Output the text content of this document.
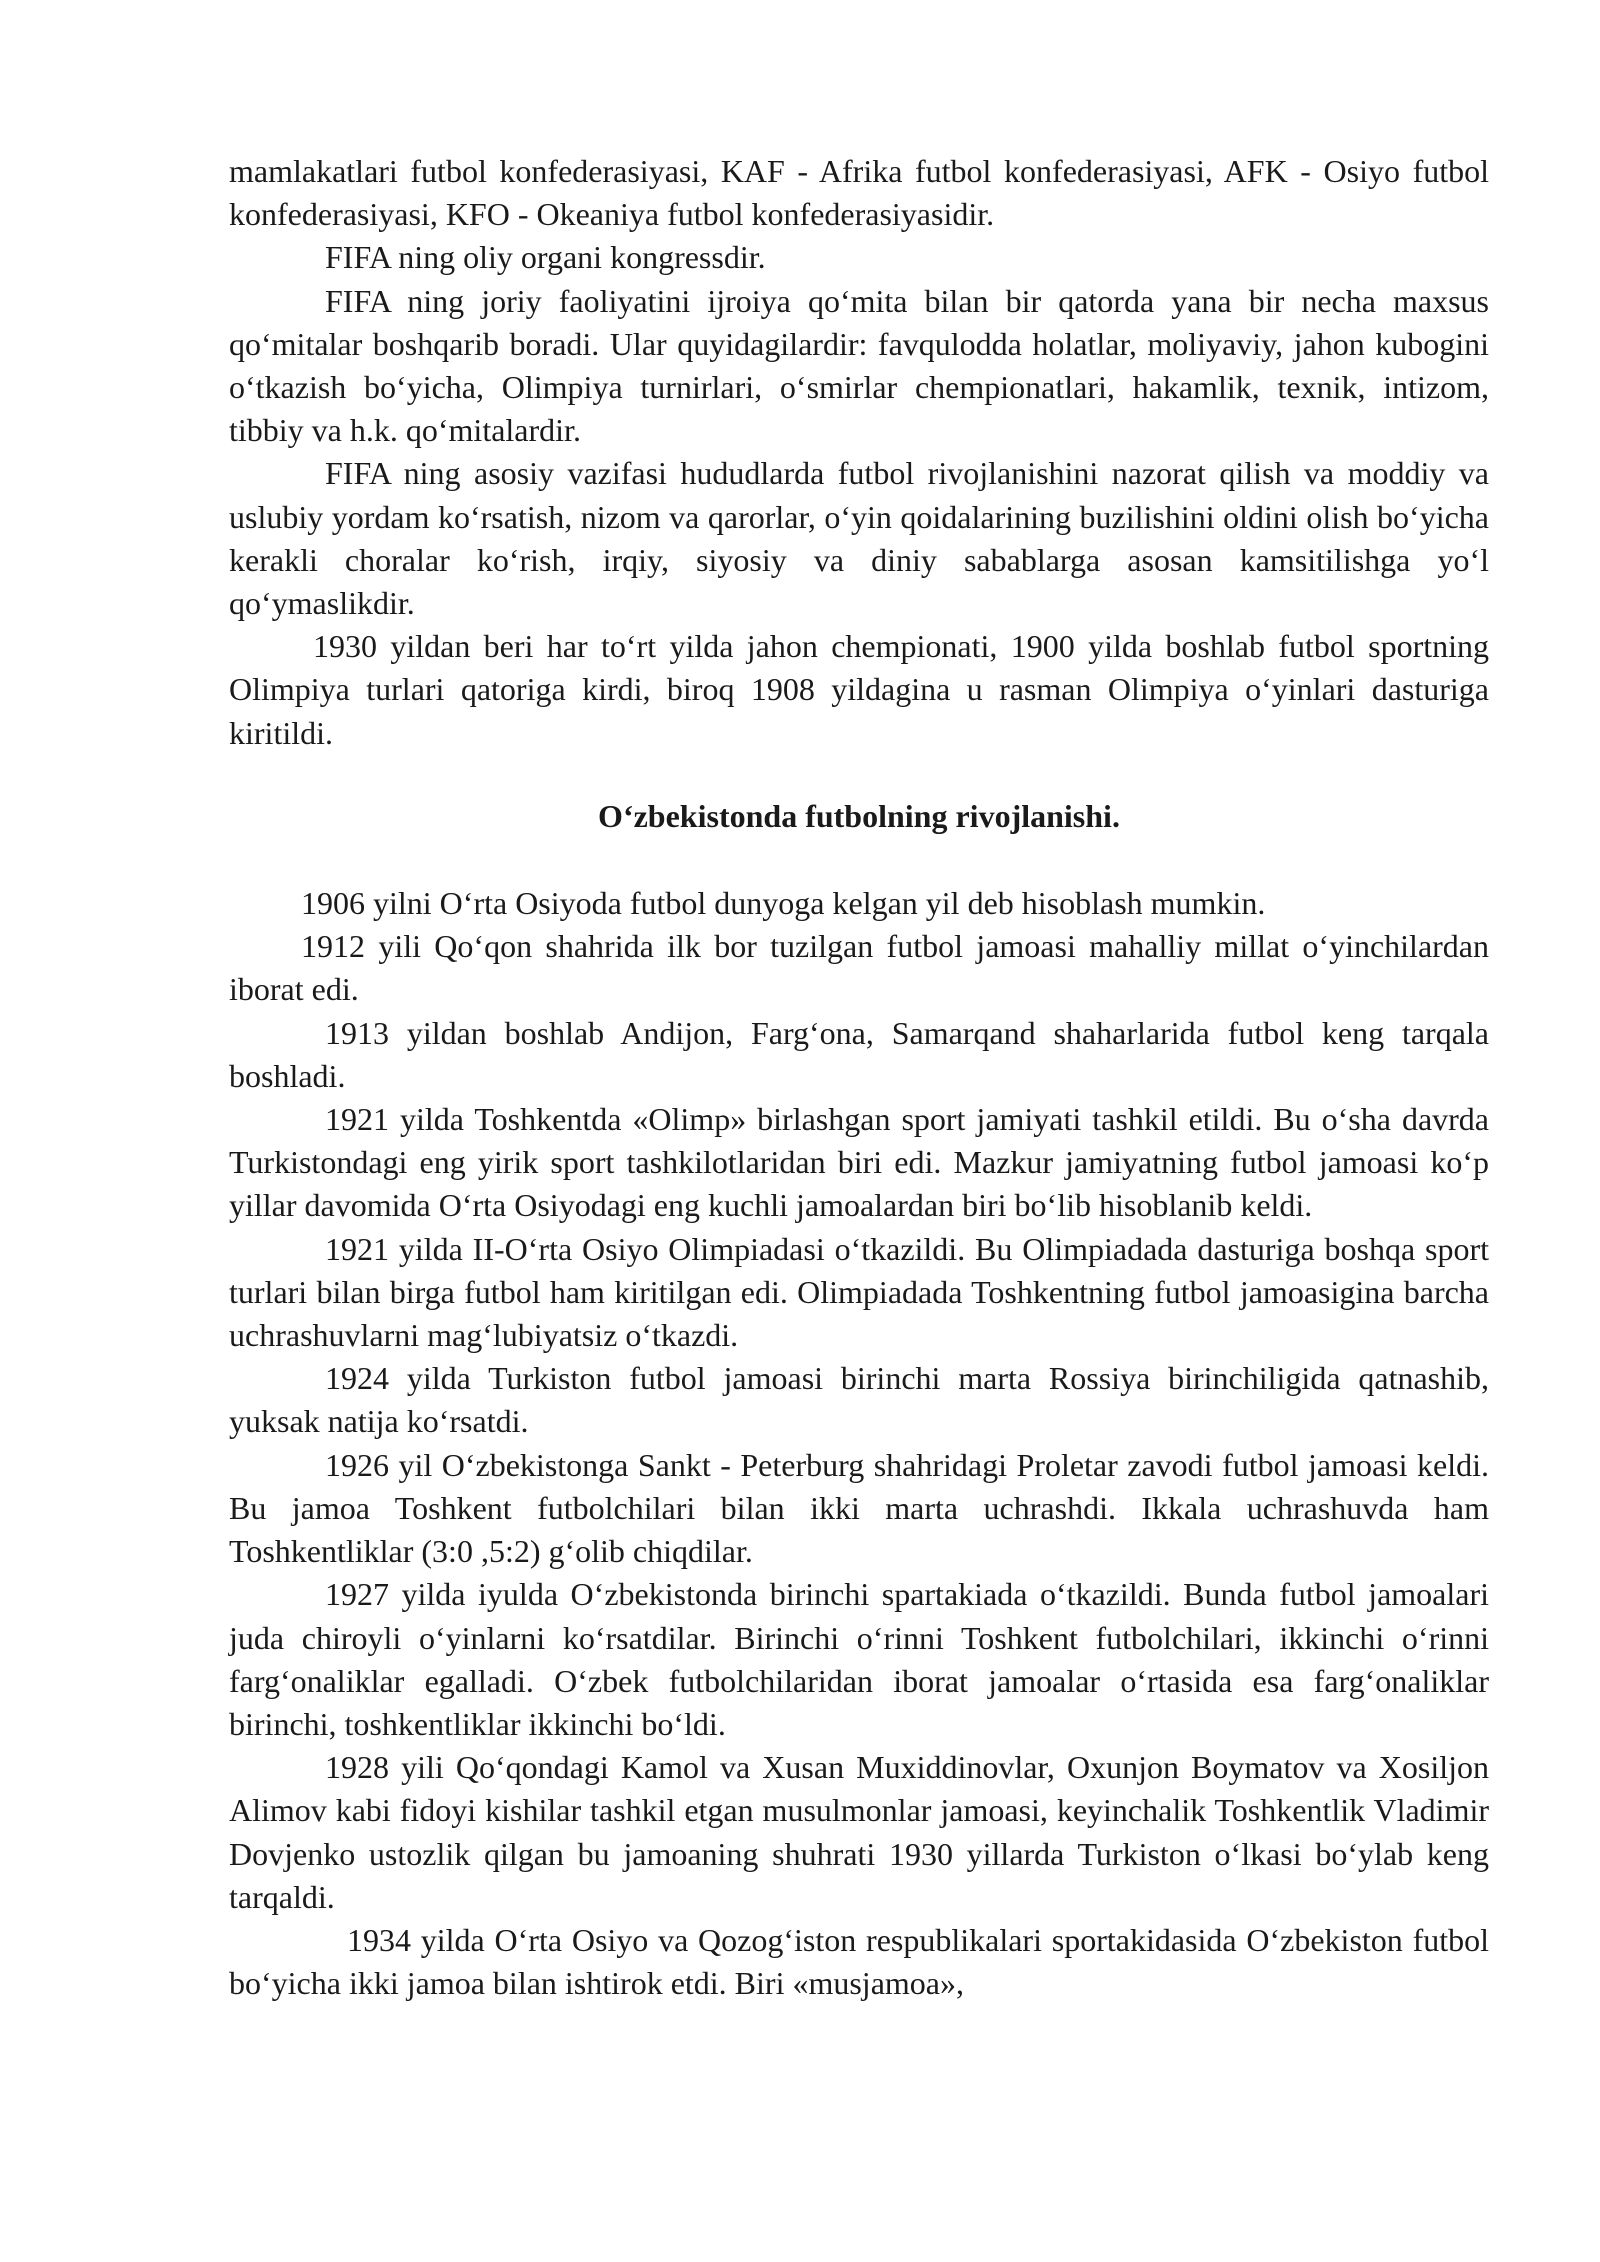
mamlakatlari futbol konfederasiyasi, KAF - Afrika futbol konfederasiyasi, AFK - Osiyo futbol konfederasiyasi, KFO - Okeaniya futbol konfederasiyasidir.

FIFA ning oliy organi kongressdir.

FIFA ning joriy faoliyatini ijroiya qo‘mita bilan bir qatorda yana bir necha maxsus qo‘mitalar boshqarib boradi. Ular quyidagilardir: favqulodda holatlar, moliyaviy, jahon kubogini o‘tkazish bo‘yicha, Olimpiya turnirlari, o‘smirlar chempionatlari, hakamlik, texnik, intizom, tibbiy va h.k. qo‘mitalardir.

FIFA ning asosiy vazifasi hududlarda futbol rivojlanishini nazorat qilish va moddiy va uslubiy yordam ko‘rsatish, nizom va qarorlar, o‘yin qoidalarining buzilishini oldini olish bo‘yicha kerakli choralar ko‘rish, irqiy, siyosiy va diniy sabablarga asosan kamsitilishga yo‘l qo‘ymaslikdir.

1930 yildan beri har to‘rt yilda jahon chempionati, 1900 yilda boshlab futbol sportning Olimpiya turlari qatoriga kirdi, biroq 1908 yildagina u rasman Olimpiya o‘yinlari dasturiga kiritildi.

O‘zbekistonda futbolning rivojlanishi.

1906 yilni O‘rta Osiyoda futbol dunyoga kelgan yil deb hisoblash mumkin.

1912 yili Qo‘qon shahrida ilk bor tuzilgan futbol jamoasi mahalliy millat o‘yinchilardan iborat edi.

1913 yildan boshlab Andijon, Farg‘ona, Samarqand shaharlarida futbol keng tarqala boshladi.

1921 yilda Toshkentda «Olimp» birlashgan sport jamiyati tashkil etildi. Bu o‘sha davrda Turkistondagi eng yirik sport tashkilotlaridan biri edi. Mazkur jamiyatning futbol jamoasi ko‘p yillar davomida O‘rta Osiyodagi eng kuchli jamoalardan biri bo‘lib hisoblanib keldi.

1921 yilda II-O‘rta Osiyo Olimpiadasi o‘tkazildi. Bu Olimpiadada dasturiga boshqa sport turlari bilan birga futbol ham kiritilgan edi. Olimpiadada Toshkentning futbol jamoasigina barcha uchrashuvlarni mag‘lubiyatsiz o‘tkazdi.

1924 yilda Turkiston futbol jamoasi birinchi marta Rossiya birinchiligida qatnashib, yuksak natija ko‘rsatdi.

1926 yil O‘zbekistonga Sankt - Peterburg shahridagi Proletar zavodi futbol jamoasi keldi. Bu jamoa Toshkent futbolchilari bilan ikki marta uchrashdi. Ikkala uchrashuvda ham Toshkentliklar (3:0 ,5:2) g‘olib chiqdilar.

1927 yilda iyulda O‘zbekistonda birinchi spartakiada o‘tkazildi. Bunda futbol jamoalari juda chiroyli o‘yinlarni ko‘rsatdilar. Birinchi o‘rinni Toshkent futbolchilari, ikkinchi o‘rinni farg‘onaliklar egalladi. O‘zbek futbolchilaridan iborat jamoalar o‘rtasida esa farg‘onaliklar birinchi, toshkentliklar ikkinchi bo‘ldi.

1928 yili Qo‘qondagi Kamol va Xusan Muxiddinovlar, Oxunjon Boymatov va Xosiljon Alimov kabi fidoyi kishilar tashkil etgan musulmonlar jamoasi, keyinchalik Toshkentlik Vladimir Dovjenko ustozlik qilgan bu jamoaning shuhrati 1930 yillarda Turkiston o‘lkasi bo‘ylab keng tarqaldi.

1934 yilda O‘rta Osiyo va Qozog‘iston respublikalari sportakidasida O‘zbekiston futbol bo‘yicha ikki jamoa bilan ishtirok etdi. Biri «musjamoa»,
